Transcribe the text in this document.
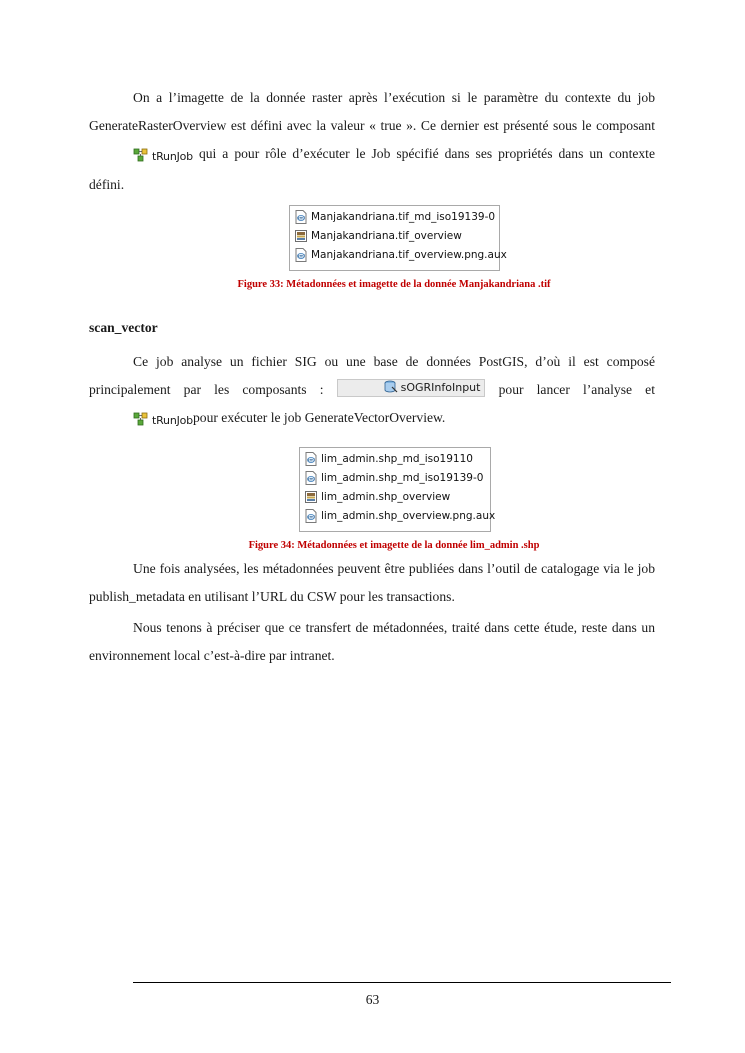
On a l’imagette de la donnée raster après l’exécution si le paramètre du contexte du job GenerateRasterOverview est défini avec la valeur « true ». Ce dernier est présenté sous le composant tRunJob qui a pour rôle d’exécuter le Job spécifié dans ses propriétés dans un contexte défini.

xml Manjakandriana.tif_md_iso19139-0
Manjakandriana.tif_overview
xml Manjakandriana.tif_overview.png.aux

Figure 33: Métadonnées et imagette de la donnée Manjakandriana .tif

scan_vector

Ce job analyse un fichier SIG ou une base de données PostGIS, d’où il est composé principalement par les composants :	sOGRInfoInput pour lancer l’analyse et tRunJobpour exécuter le job GenerateVectorOverview.

xml lim_admin.shp_md_iso19110
xml lim_admin.shp_md_iso19139-0
lim_admin.shp_overview
xml lim_admin.shp_overview.png.aux

Figure 34: Métadonnées et imagette de la donnée lim_admin .shp

Une fois analysées, les métadonnées peuvent être publiées dans l’outil de catalogage via le job publish_metadata en utilisant l’URL du CSW pour les transactions.

Nous tenons à préciser que ce transfert de métadonnées, traité dans cette étude, reste dans un environnement local c’est-à-dire par intranet.

63
